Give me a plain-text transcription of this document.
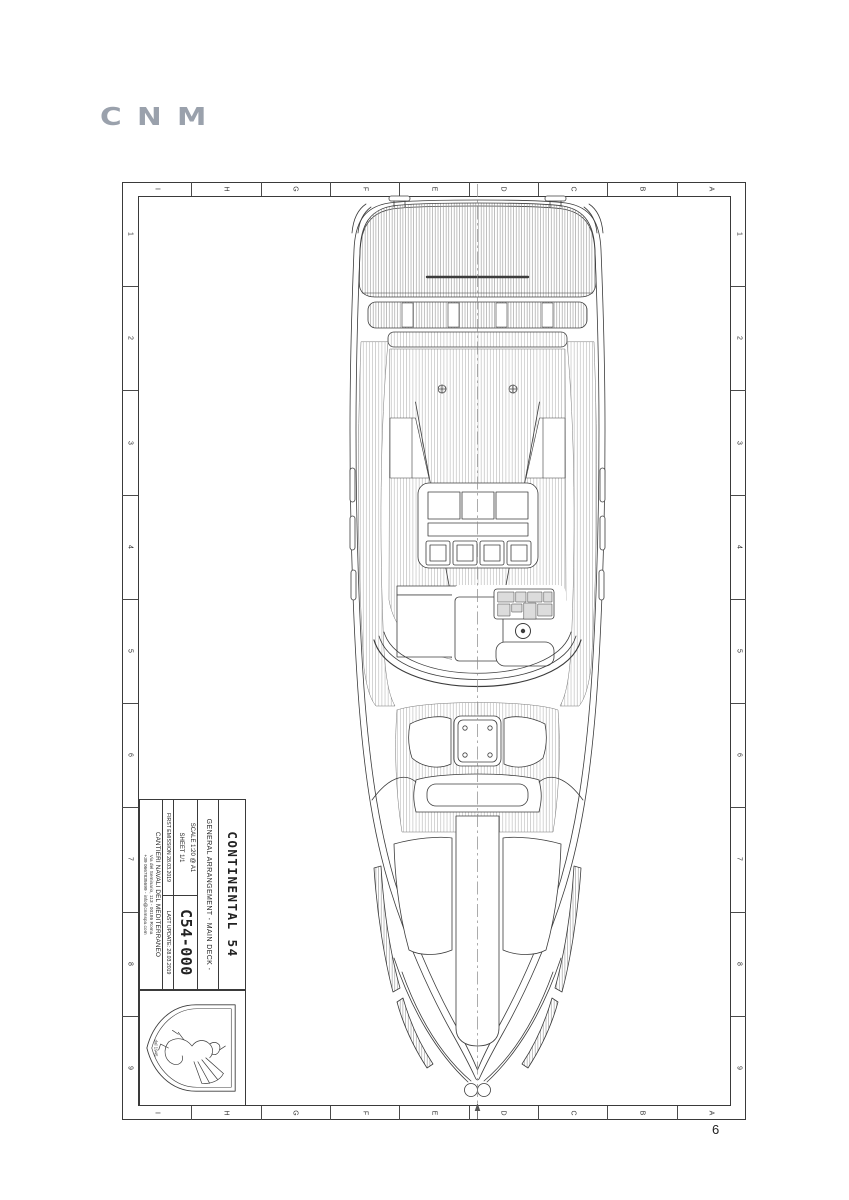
CNM
I
I
H
H
G
G
F
F
E
E
D
D
C
C
B
B
A
A
1	1
2	2
3	3
4	4
5	5
6	6
7	7
8	8
9	9
CONTINENTAL 54
GENERAL ARRANGEMENT - MAIN DECK -
SCALE 1:20 @ A1
SHEET 1/1
C54-000
FIRST EMISSION 28.03.2019
LAST UPDATE: 28.03.2019
CANTIERI NAVALI DEL MEDITERRANEO
Via del Seminario, 113 - 00186 Roma
+39 0667835699 - info@cnmspa.com
dal 1945
6
